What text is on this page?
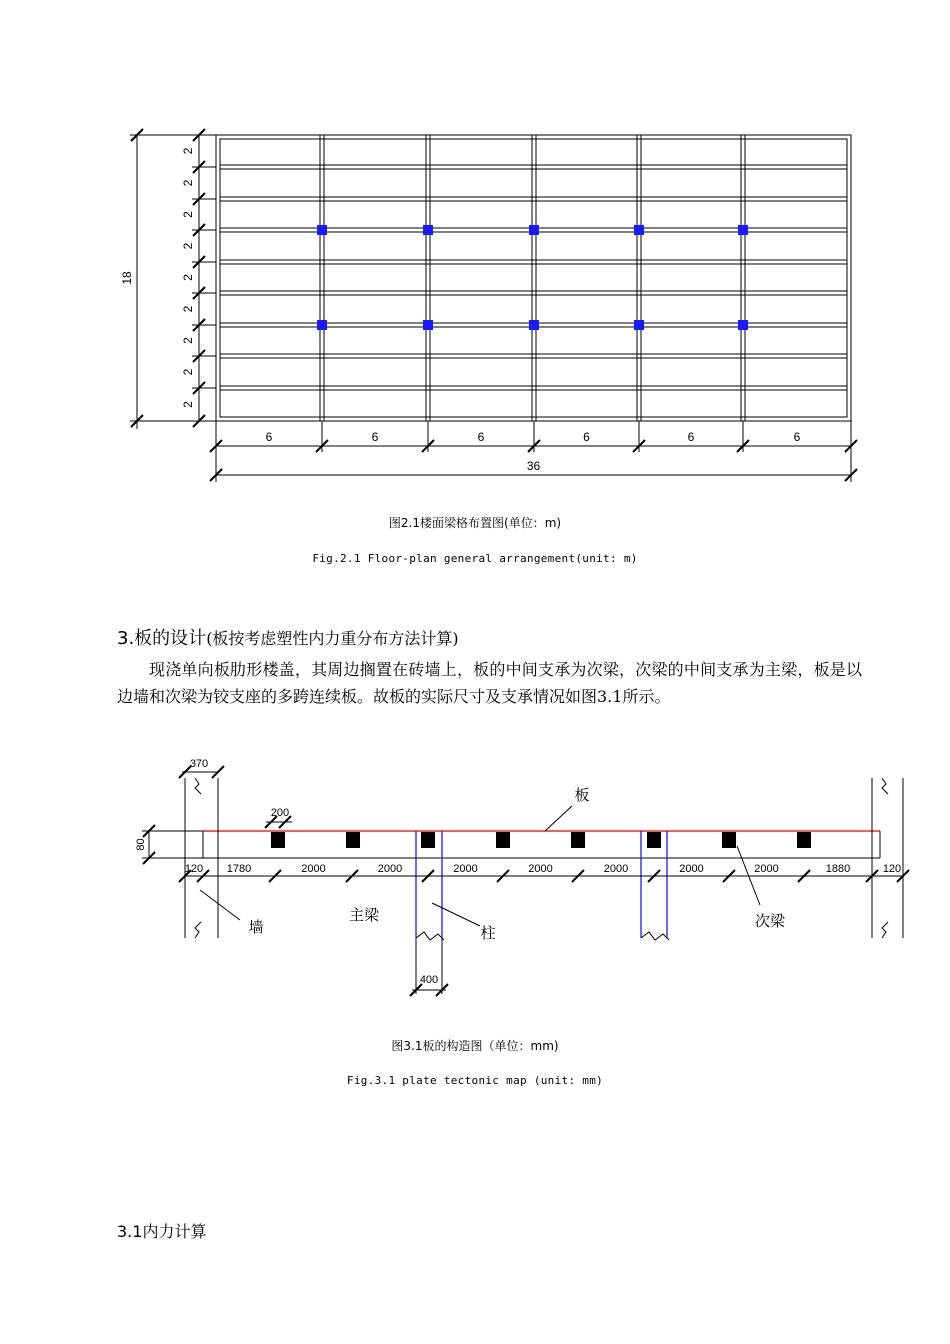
2
2
2
2
2
2
2
2
2
18
6	6	6	6	6	6
36
图2.1楼面梁格布置图(单位：m)
Fig.2.1 Floor-plan general arrangement(unit: m)
3.板的设计(板按考虑塑性内力重分布方法计算)
现浇单向板肋形楼盖，其周边搁置在砖墙上，板的中间支承为次梁，次梁的中间支承为主梁，板是以边墙和次梁为铰支座的多跨连续板。故板的实际尺寸及支承情况如图3.1所示。
370
200
80
120	120
1780	2000	2000	2000	2000	2000	2000	2000	1880
400
板
墙
主梁
柱
次梁
图3.1板的构造图（单位：mm)
Fig.3.1 plate tectonic map (unit: mm)
3.1内力计算
